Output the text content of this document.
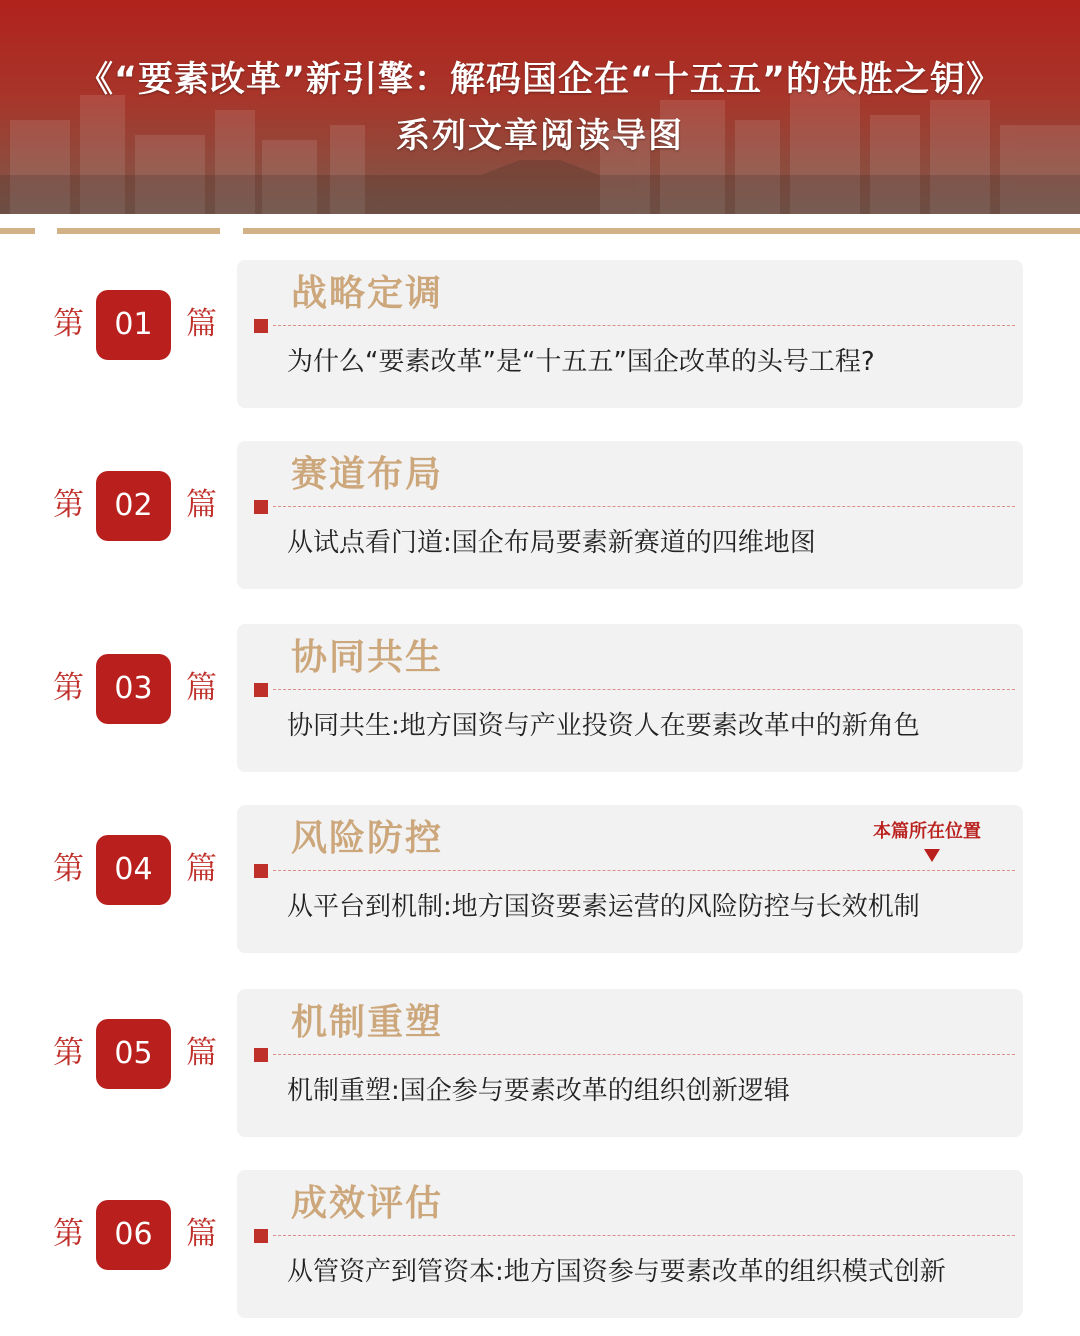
《“要素改革”新引擎：解码国企在“十五五”的决胜之钥》
系列文章阅读导图
第	01	篇
战略定调
为什么“要素改革”是“十五五”国企改革的头号工程?
第	02	篇
赛道布局
从试点看门道:国企布局要素新赛道的四维地图
第	03	篇
协同共生
协同共生:地方国资与产业投资人在要素改革中的新角色
第	04	篇
风险防控	本篇所在位置
从平台到机制:地方国资要素运营的风险防控与长效机制
第	05	篇
机制重塑
机制重塑:国企参与要素改革的组织创新逻辑
第	06	篇
成效评估
从管资产到管资本:地方国资参与要素改革的组织模式创新
